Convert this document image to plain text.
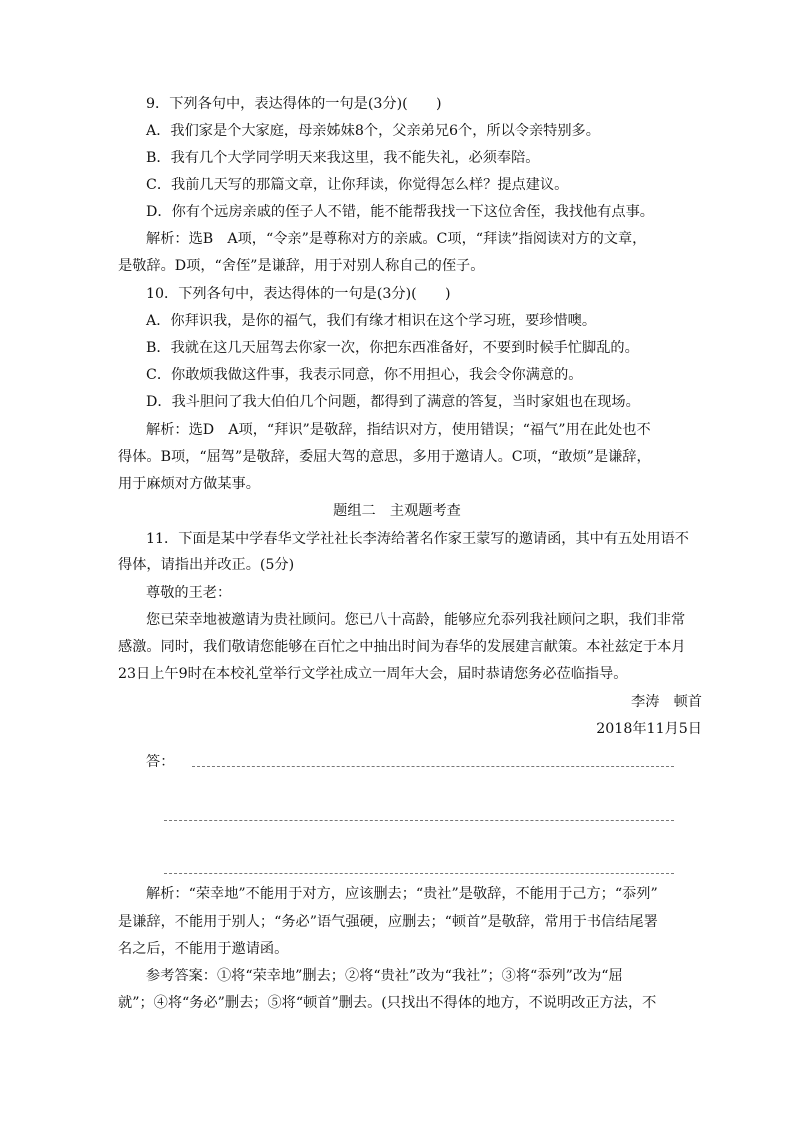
9．下列各句中，表达得体的一句是(3分)(　　)
A．我们家是个大家庭，母亲姊妹8个，父亲弟兄6个，所以令亲特别多。
B．我有几个大学同学明天来我这里，我不能失礼，必须奉陪。
C．我前几天写的那篇文章，让你拜读，你觉得怎么样？提点建议。
D．你有个远房亲戚的侄子人不错，能不能帮我找一下这位舍侄，我找他有点事。
解析：选B　A项，“令亲”是尊称对方的亲戚。C项，“拜读”指阅读对方的文章，
是敬辞。D项，“舍侄”是谦辞，用于对别人称自己的侄子。
10．下列各句中，表达得体的一句是(3分)(　　)
A．你拜识我，是你的福气，我们有缘才相识在这个学习班，要珍惜噢。
B．我就在这几天屈驾去你家一次，你把东西准备好，不要到时候手忙脚乱的。
C．你敢烦我做这件事，我表示同意，你不用担心，我会令你满意的。
D．我斗胆问了我大伯伯几个问题，都得到了满意的答复，当时家姐也在现场。
解析：选D　A项，“拜识”是敬辞，指结识对方，使用错误；“福气”用在此处也不
得体。B项，“屈驾”是敬辞，委屈大驾的意思，多用于邀请人。C项，“敢烦”是谦辞，
用于麻烦对方做某事。
题组二　主观题考查
11．下面是某中学春华文学社社长李涛给著名作家王蒙写的邀请函，其中有五处用语不
得体，请指出并改正。(5分)
尊敬的王老：
您已荣幸地被邀请为贵社顾问。您已八十高龄，能够应允忝列我社顾问之职，我们非常
感激。同时，我们敬请您能够在百忙之中抽出时间为春华的发展建言献策。本社兹定于本月
23日上午9时在本校礼堂举行文学社成立一周年大会，届时恭请您务必莅临指导。
李涛　顿首
2018年11月5日
答：
解析：“荣幸地”不能用于对方，应该删去；“贵社”是敬辞，不能用于己方；“忝列”
是谦辞，不能用于别人；“务必”语气强硬，应删去；“顿首”是敬辞，常用于书信结尾署
名之后，不能用于邀请函。
参考答案：①将“荣幸地”删去；②将“贵社”改为“我社”；③将“忝列”改为“屈
就”；④将“务必”删去；⑤将“顿首”删去。(只找出不得体的地方，不说明改正方法，不
